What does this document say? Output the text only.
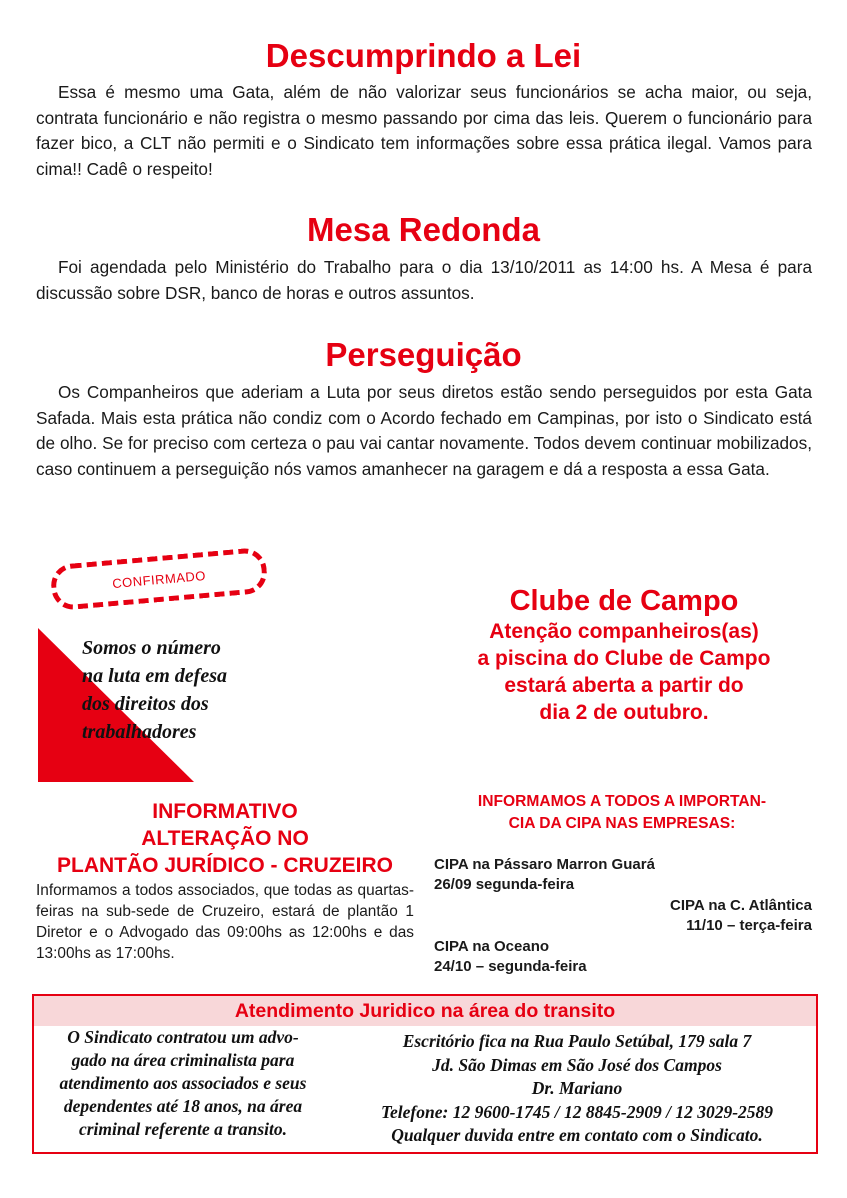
Descumprindo a Lei

Essa é mesmo uma Gata, além de não valorizar seus funcionários se acha maior, ou seja, contrata funcionário e não registra o mesmo passando por cima das leis. Querem o funcionário para fazer bico, a CLT não permiti e o Sindicato tem informações sobre essa prática ilegal. Vamos para cima!! Cadê o respeito!

Mesa Redonda

Foi agendada pelo Ministério do Trabalho para o dia 13/10/2011 as 14:00 hs. A Mesa é para discussão sobre DSR, banco de horas e outros assuntos.

Perseguição

Os Companheiros que aderiam a Luta por seus diretos estão sendo perseguidos por esta Gata Safada. Mais esta prática não condiz com o Acordo fechado em Campinas, por isto o Sindicato está de olho. Se for preciso com certeza o pau vai cantar novamente. Todos devem continuar mobilizados, caso continuem a perseguição nós vamos amanhecer na garagem e dá a resposta a essa Gata.

CONFIRMADO
Somos o número
na luta em defesa
dos direitos dos
trabalhadores
Clube de Campo
Atenção companheiros(as)
a piscina do Clube de Campo
estará aberta a partir do
dia 2 de outubro.
INFORMATIVO
ALTERAÇÃO NO
PLANTÃO JURÍDICO - CRUZEIRO

Informamos a todos associados, que todas as quartas-feiras na sub-sede de Cruzeiro, estará de plantão 1 Diretor e o Advogado das 09:00hs as 12:00hs e das 13:00hs as 17:00hs.

INFORMAMOS A TODOS A IMPORTAN-
CIA DA CIPA NAS EMPRESAS:
CIPA na Pássaro Marron Guará
26/09 segunda-feira
CIPA na C. Atlântica
11/10 – terça-feira
CIPA na Oceano
24/10 – segunda-feira
Atendimento Juridico na área do transito
O Sindicato contratou um advo-
gado na área criminalista para
atendimento aos associados e seus
dependentes até 18 anos, na área
criminal referente a transito.
Escritório fica na Rua Paulo Setúbal, 179 sala 7
Jd. São Dimas em São José dos Campos
Dr. Mariano
Telefone: 12 9600-1745 / 12 8845-2909 / 12 3029-2589
Qualquer duvida entre em contato com o Sindicato.
